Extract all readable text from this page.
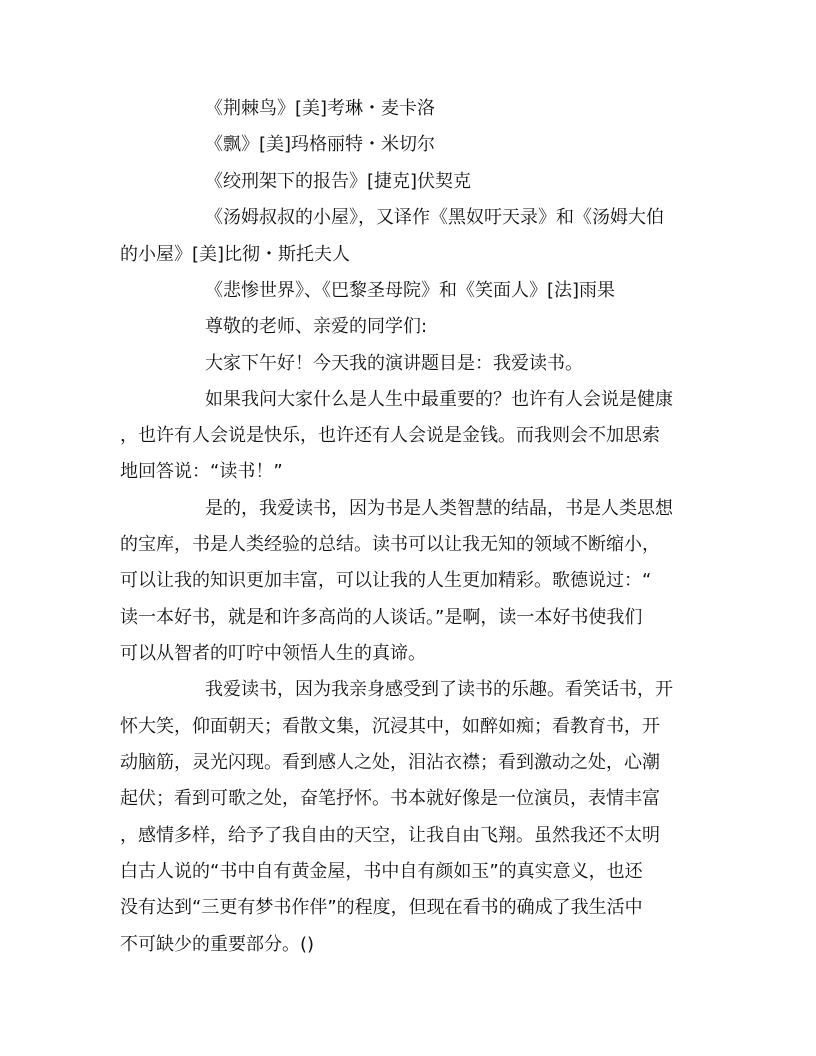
《荆棘鸟》[美]考琳・麦卡洛
《飘》[美]玛格丽特・米切尔
《绞刑架下的报告》[捷克]伏契克
《汤姆叔叔的小屋》，又译作《黑奴吁天录》和《汤姆大伯
的小屋》[美]比彻・斯托夫人
《悲惨世界》、《巴黎圣母院》和《笑面人》[法]雨果
尊敬的老师、亲爱的同学们:
大家下午好！今天我的演讲题目是：我爱读书。
如果我问大家什么是人生中最重要的？也许有人会说是健康
，也许有人会说是快乐，也许还有人会说是金钱。而我则会不加思索
地回答说：“读书！”
是的，我爱读书，因为书是人类智慧的结晶，书是人类思想
的宝库，书是人类经验的总结。读书可以让我无知的领域不断缩小，
可以让我的知识更加丰富，可以让我的人生更加精彩。歌德说过：“
读一本好书，就是和许多高尚的人谈话。”是啊，读一本好书使我们
可以从智者的叮咛中领悟人生的真谛。
我爱读书，因为我亲身感受到了读书的乐趣。看笑话书，开
怀大笑，仰面朝天；看散文集，沉浸其中，如醉如痴；看教育书，开
动脑筋，灵光闪现。看到感人之处，泪沾衣襟；看到激动之处，心潮
起伏；看到可歌之处，奋笔抒怀。书本就好像是一位演员，表情丰富
，感情多样，给予了我自由的天空，让我自由飞翔。虽然我还不太明
白古人说的“书中自有黄金屋，书中自有颜如玉”的真实意义，也还
没有达到“三更有梦书作伴”的程度，但现在看书的确成了我生活中
不可缺少的重要部分。()
